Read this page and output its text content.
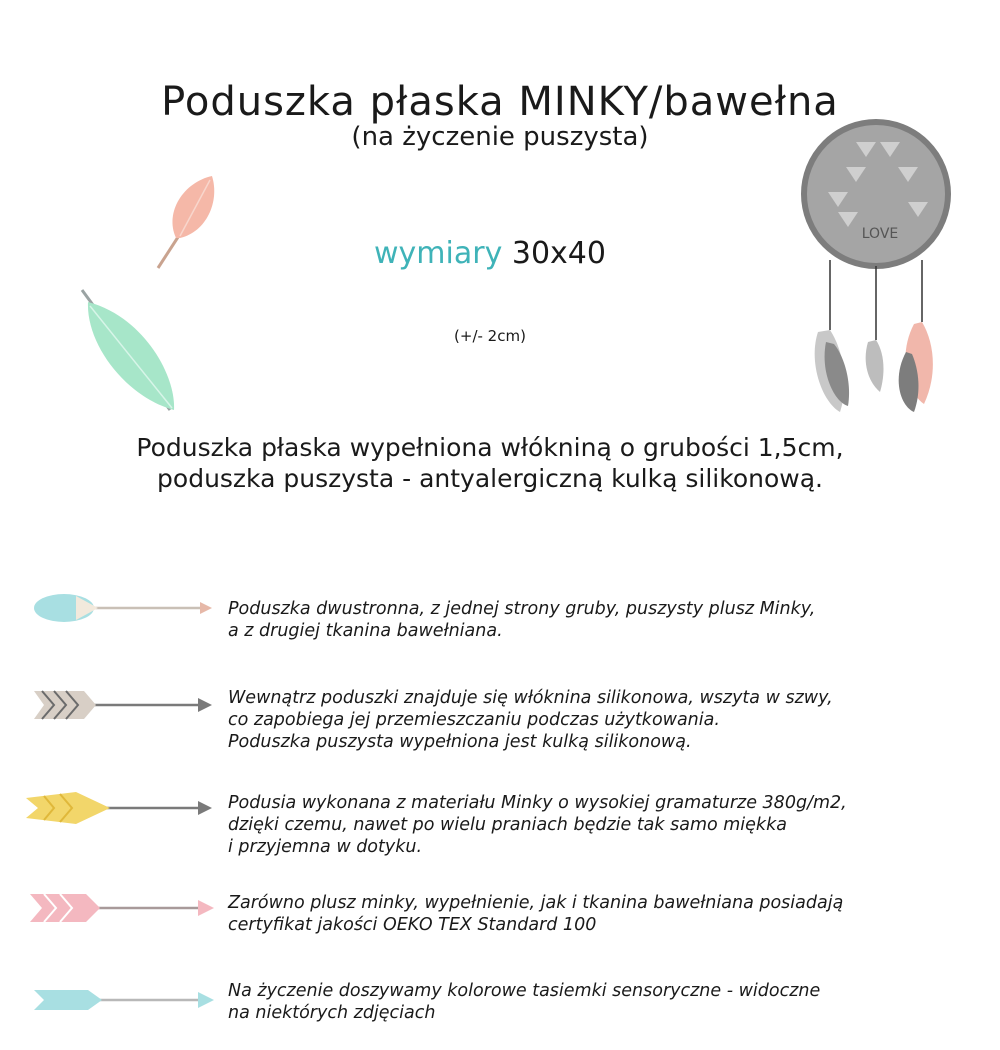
Poduszka płaska MINKY/bawełna
(na życzenie puszysta)
wymiary 30x40
(+/- 2cm)
LOVE
Poduszka płaska wypełniona włókniną o grubości 1,5cm,
poduszka puszysta - antyalergiczną kulką silikonową.
Poduszka dwustronna, z jednej strony gruby, puszysty plusz Minky,
a z drugiej tkanina bawełniana.
Wewnątrz poduszki znajduje się włóknina silikonowa, wszyta w szwy,
co zapobiega jej przemieszczaniu podczas użytkowania.
Poduszka puszysta wypełniona jest kulką silikonową.
Podusia wykonana z materiału Minky o wysokiej gramaturze 380g/m2,
dzięki czemu, nawet po wielu praniach będzie tak samo miękka
i przyjemna w dotyku.
Zarówno plusz minky, wypełnienie, jak i tkanina bawełniana posiadają
certyfikat jakości OEKO TEX Standard 100
Na życzenie doszywamy kolorowe tasiemki sensoryczne - widoczne
na niektórych zdjęciach
